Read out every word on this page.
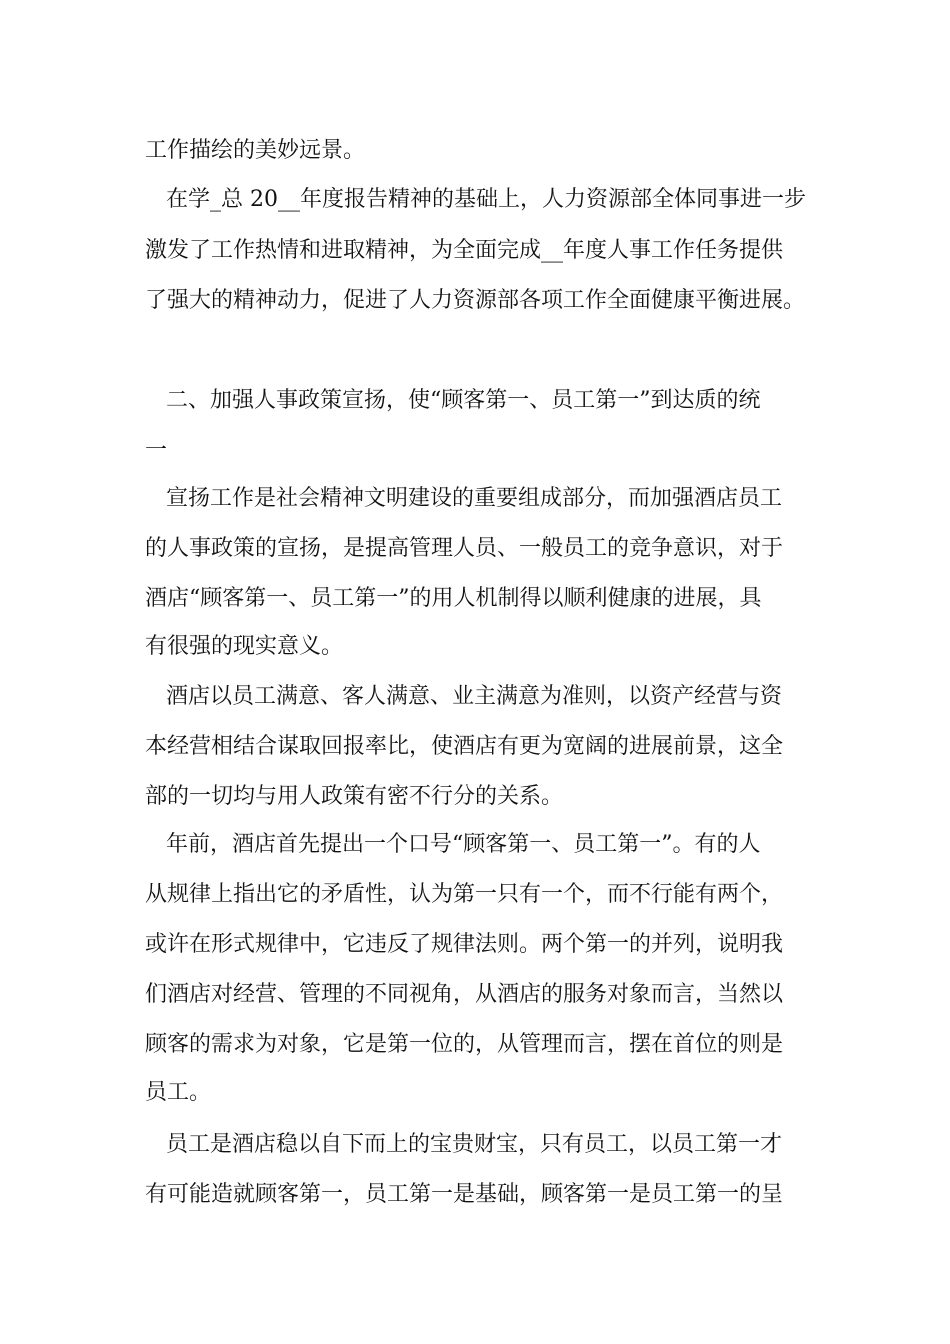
工作描绘的美妙远景。
在学_总 20__年度报告精神的基础上，人力资源部全体同事进一步
激发了工作热情和进取精神，为全面完成__年度人事工作任务提供
了强大的精神动力，促进了人力资源部各项工作全面健康平衡进展。
二、加强人事政策宣扬，使“顾客第一、员工第一”到达质的统
一
宣扬工作是社会精神文明建设的重要组成部分，而加强酒店员工
的人事政策的宣扬，是提高管理人员、一般员工的竞争意识，对于
酒店“顾客第一、员工第一”的用人机制得以顺利健康的进展，具
有很强的现实意义。
酒店以员工满意、客人满意、业主满意为准则，以资产经营与资
本经营相结合谋取回报率比，使酒店有更为宽阔的进展前景，这全
部的一切均与用人政策有密不行分的关系。
年前，酒店首先提出一个口号“顾客第一、员工第一”。有的人
从规律上指出它的矛盾性，认为第一只有一个，而不行能有两个，
或许在形式规律中，它违反了规律法则。两个第一的并列，说明我
们酒店对经营、管理的不同视角，从酒店的服务对象而言，当然以
顾客的需求为对象，它是第一位的，从管理而言，摆在首位的则是
员工。
员工是酒店稳以自下而上的宝贵财宝，只有员工，以员工第一才
有可能造就顾客第一，员工第一是基础，顾客第一是员工第一的呈
